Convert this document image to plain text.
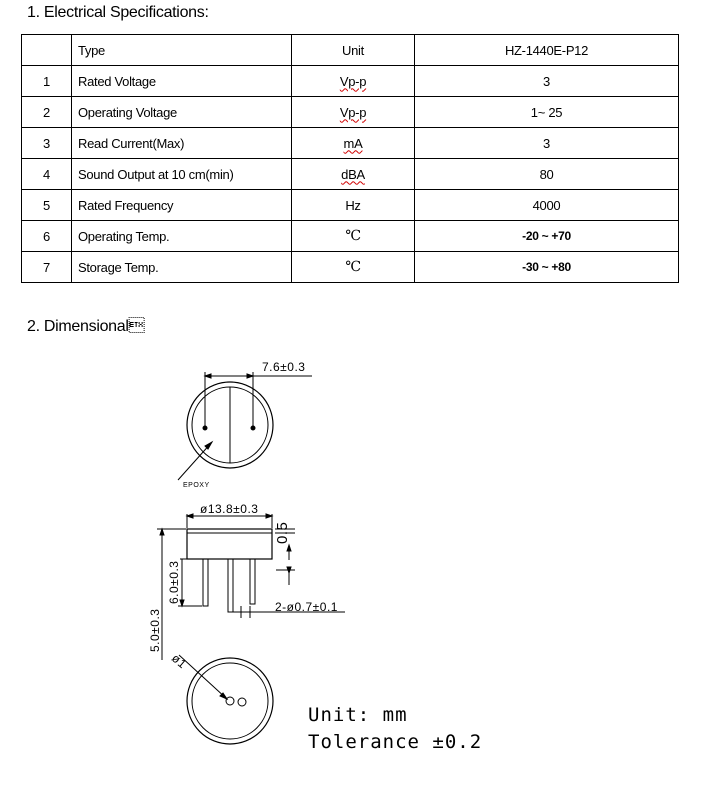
1. Electrical Specifications:
	Type	Unit	HZ-1440E-P12
1	Rated Voltage	Vp-p	3
2	Operating Voltage	Vp-p	1~ 25
3	Read Current(Max)	mA	3
4	Sound Output at 10 cm(min)	dBA	80
5	Rated Frequency	Hz	4000
6	Operating Temp.	℃	-20 ~ +70
7	Storage Temp.	℃	-30 ~ +80
2. Dimensional
7.6±0.3
EPOXY
ø13.8±0.3
0.5
6.0±0.3
5.0±0.3
2-ø0.7±0.1
ø1
Unit: mm
Tolerance ±0.2
